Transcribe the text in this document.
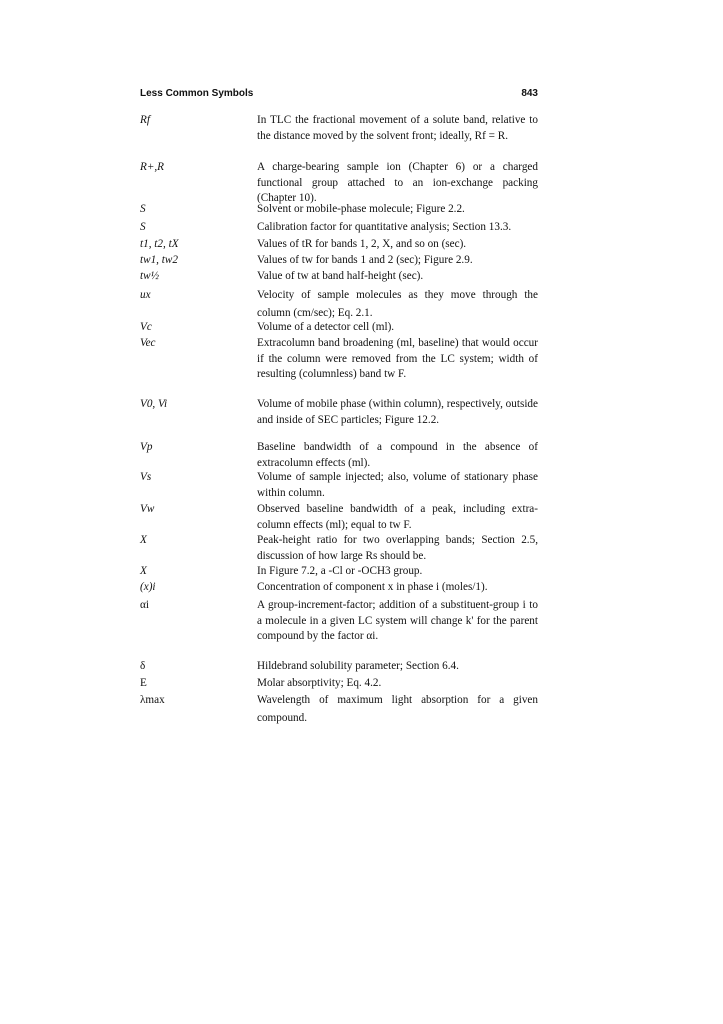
Less Common Symbols	843
Rf	In TLC the fractional movement of a solute band, relative to the distance moved by the solvent front; ideally, Rf = R.
R+,R	A charge-bearing sample ion (Chapter 6) or a charged functional group attached to an ion-exchange packing (Chapter 10).
S	Solvent or mobile-phase molecule; Figure 2.2.
S	Calibration factor for quantitative analysis; Section 13.3.
t1, t2, tX	Values of tR for bands 1, 2, X, and so on (sec).
tw1, tw2	Values of tw for bands 1 and 2 (sec); Figure 2.9.
tw½	Value of tw at band half-height (sec).
ux	Velocity of sample molecules as they move through the column (cm/sec); Eq. 2.1.
Vc	Volume of a detector cell (ml).
Vec	Extracolumn band broadening (ml, baseline) that would occur if the column were removed from the LC system; width of resulting (columnless) band tw F.
V0, Vi	Volume of mobile phase (within column), respectively, outside and inside of SEC particles; Figure 12.2.
Vp	Baseline bandwidth of a compound in the absence of extracolumn effects (ml).
Vs	Volume of sample injected; also, volume of stationary phase within column.
Vw	Observed baseline bandwidth of a peak, including extra- column effects (ml); equal to tw F.
X	Peak-height ratio for two overlapping bands; Section 2.5, discussion of how large Rs should be.
X	In Figure 7.2, a -Cl or -OCH3 group.
(x)i	Concentration of component x in phase i (moles/1).
αi	A group-increment-factor; addition of a substituent-group i to a molecule in a given LC system will change k' for the parent compound by the factor αi.
δ	Hildebrand solubility parameter; Section 6.4.
E	Molar absorptivity; Eq. 4.2.
λmax	Wavelength of maximum light absorption for a given compound.
